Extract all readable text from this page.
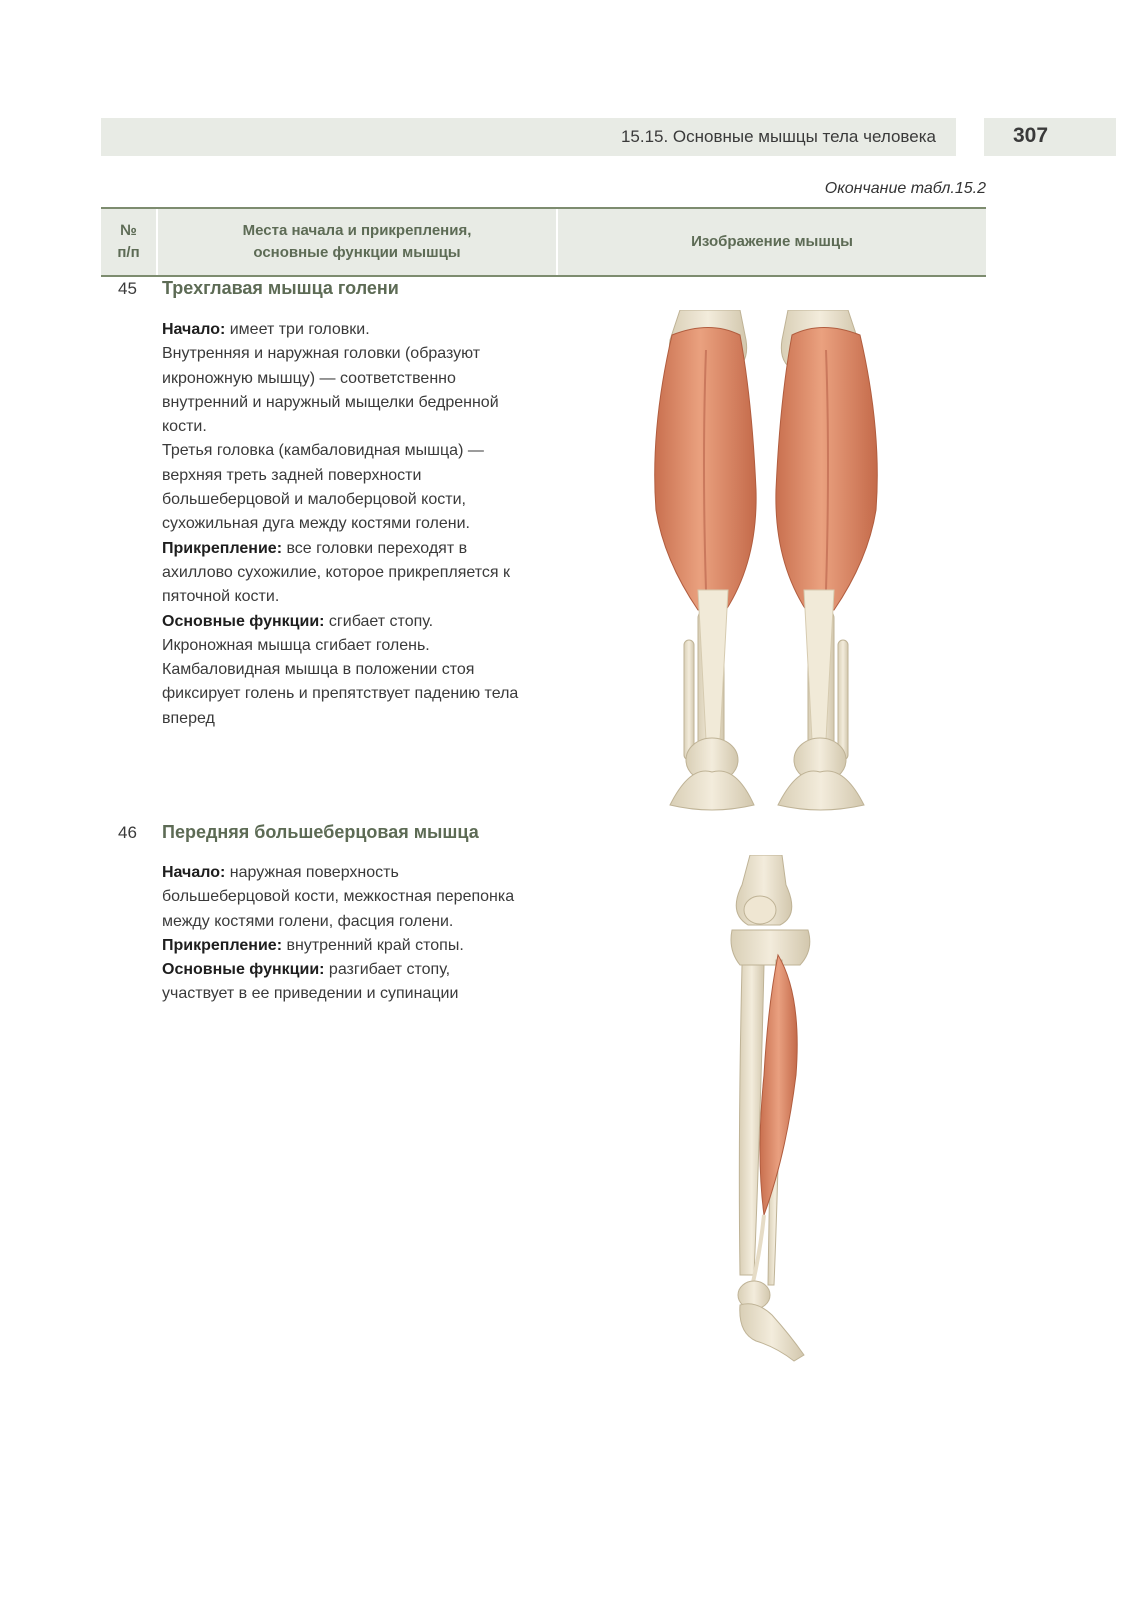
15.15. Основные мышцы тела человека	307
Окончание табл.15.2
№
п/п
Места начала и прикрепления,
основные функции мышцы
Изображение мышцы
45 Трехглавая мышца голени

Начало: имеет три головки.

Внутренняя и наружная головки (образуют икроножную мышцу) — соответственно внутренний и наружный мыщелки бедренной кости.

Третья головка (камбаловидная мышца) — верхняя треть задней поверхности большеберцовой и малоберцовой кости, сухожильная дуга между костями голени.

Прикрепление: все головки переходят в ахиллово сухожилие, которое прикрепляется к пяточной кости.

Основные функции: сгибает стопу.

Икроножная мышца сгибает голень.

Камбаловидная мышца в положении стоя фиксирует голень и препятствует падению тела вперед

46 Передняя большеберцовая мышца

Начало: наружная поверхность большеберцовой кости, межкостная перепонка между костями голени, фасция голени.

Прикрепление: внутренний край стопы.

Основные функции: разгибает стопу, участвует в ее приведении и супинации
